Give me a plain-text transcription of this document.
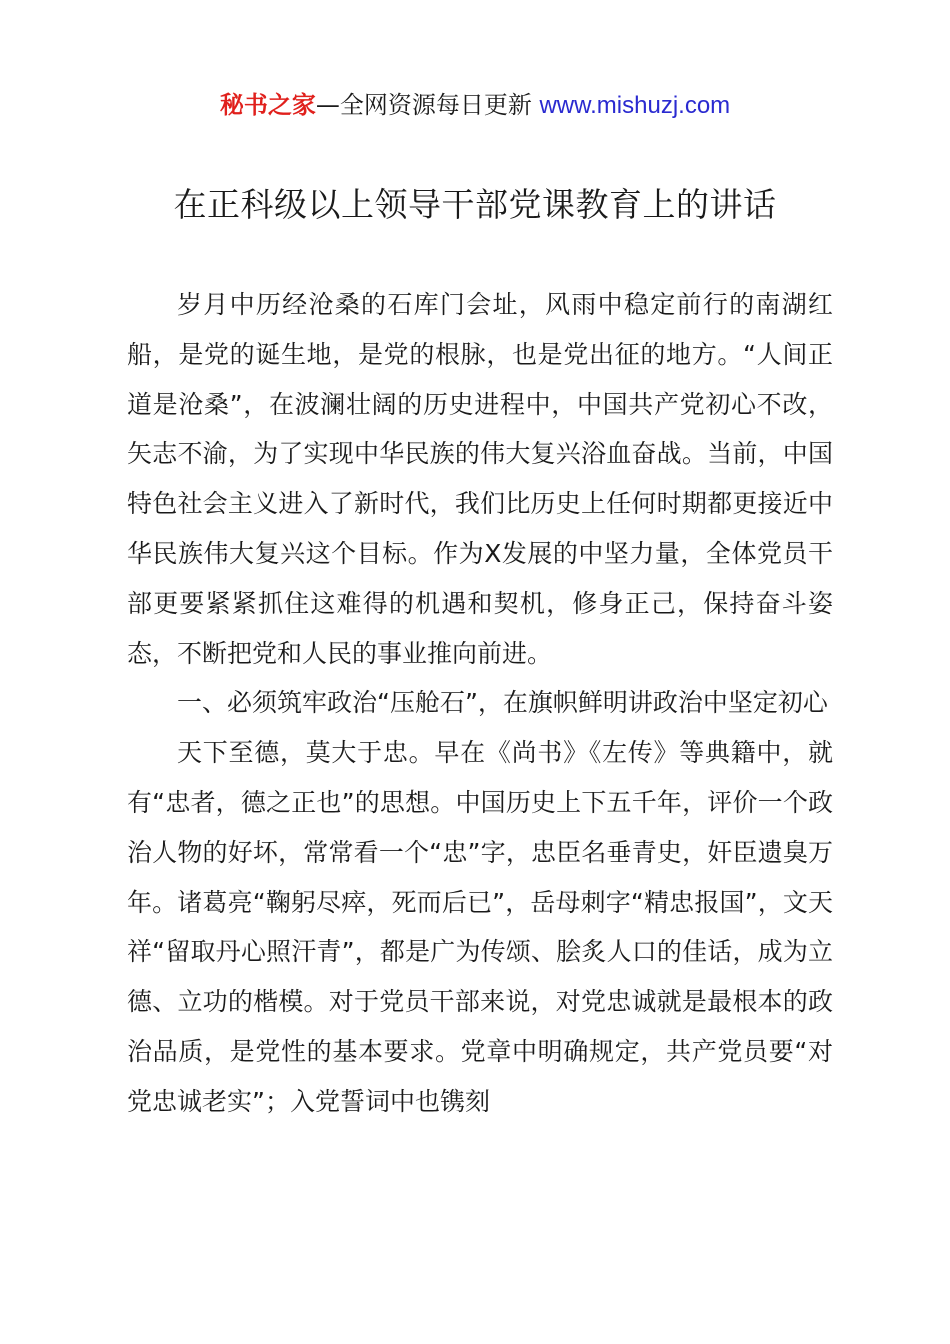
秘书之家—全网资源每日更新 www.mishuzj.com
在正科级以上领导干部党课教育上的讲话

岁月中历经沧桑的石库门会址，风雨中稳定前行的南湖红船，是党的诞生地，是党的根脉，也是党出征的地方。“人间正道是沧桑”，在波澜壮阔的历史进程中，中国共产党初心不改，矢志不渝，为了实现中华民族的伟大复兴浴血奋战。当前，中国特色社会主义进入了新时代，我们比历史上任何时期都更接近中华民族伟大复兴这个目标。作为X发展的中坚力量，全体党员干部更要紧紧抓住这难得的机遇和契机，修身正己，保持奋斗姿态，不断把党和人民的事业推向前进。

一、必须筑牢政治“压舱石”，在旗帜鲜明讲政治中坚定初心

天下至德，莫大于忠。早在《尚书》《左传》等典籍中，就有“忠者，德之正也”的思想。中国历史上下五千年，评价一个政治人物的好坏，常常看一个“忠”字，忠臣名垂青史，奸臣遗臭万年。诸葛亮“鞠躬尽瘁，死而后已”，岳母刺字“精忠报国”，文天祥“留取丹心照汗青”，都是广为传颂、脍炙人口的佳话，成为立德、立功的楷模。对于党员干部来说，对党忠诚就是最根本的政治品质，是党性的基本要求。党章中明确规定，共产党员要“对党忠诚老实”；入党誓词中也镌刻
